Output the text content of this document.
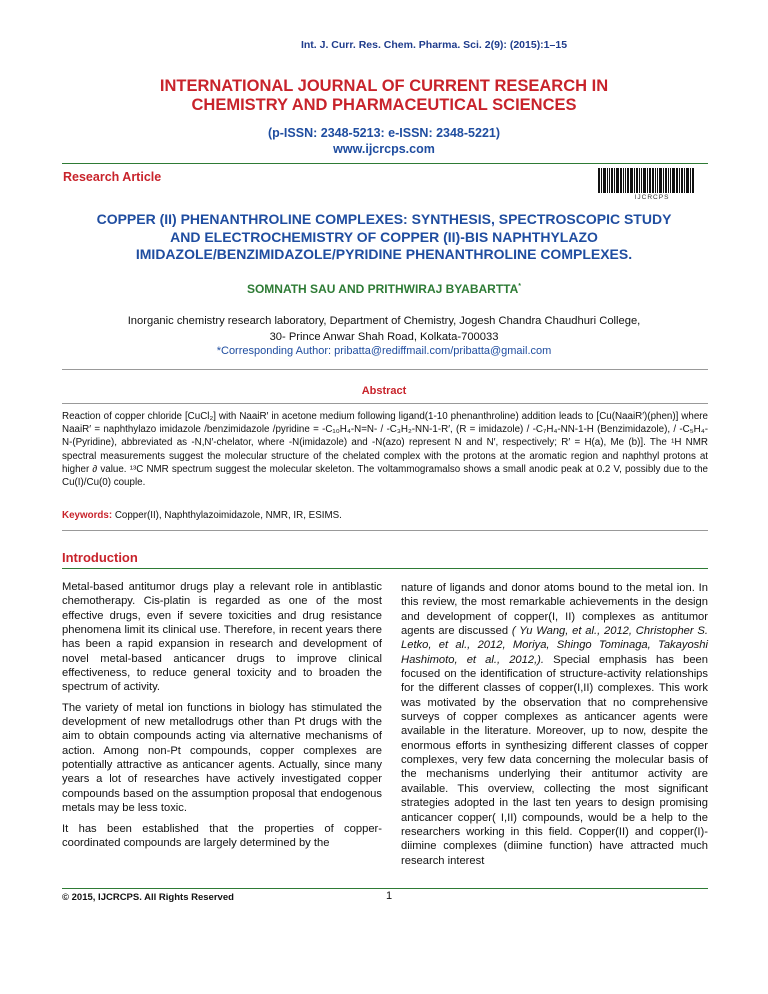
Int. J. Curr. Res. Chem. Pharma. Sci. 2(9): (2015):1–15
INTERNATIONAL JOURNAL OF CURRENT RESEARCH IN
CHEMISTRY AND PHARMACEUTICAL SCIENCES
(p-ISSN: 2348-5213: e-ISSN: 2348-5221)
www.ijcrcps.com
Research Article
IJCRCPS
COPPER (II) PHENANTHROLINE COMPLEXES: SYNTHESIS, SPECTROSCOPIC STUDY
AND ELECTROCHEMISTRY OF COPPER (II)-BIS NAPHTHYLAZO
IMIDAZOLE/BENZIMIDAZOLE/PYRIDINE PHENANTHROLINE COMPLEXES.
SOMNATH SAU AND PRITHWIRAJ BYABARTTA*
Inorganic chemistry research laboratory, Department of Chemistry, Jogesh Chandra Chaudhuri College,
30- Prince Anwar Shah Road, Kolkata-700033
*Corresponding Author: pribatta@rediffmail.com/pribatta@gmail.com
Abstract
Reaction of copper chloride [CuCl₂] with NaaiR′ in acetone medium following ligand(1-10 phenanthroline) addition leads to [Cu(NaaiR′)(phen)] where NaaiR′ = naphthylazo imidazole /benzimidazole /pyridine = -C₁₀H₄-N=N- / -C₃H₂-NN-1-R′, (R = imidazole) / -C₇H₄-NN-1-H (Benzimidazole), / -C₅H₄-N-(Pyridine), abbreviated as -N,N′-chelator, where -N(imidazole) and -N(azo) represent N and N′, respectively; R′ = H(a), Me (b)]. The ¹H NMR spectral measurements suggest the molecular structure of the chelated complex with the protons at the aromatic region and naphthyl protons at higher ∂ value. ¹³C NMR spectrum suggest the molecular skeleton. The voltammogramalso shows a small anodic peak at 0.2 V, possibly due to the Cu(I)/Cu(0) couple.
Keywords: Copper(II), Naphthylazoimidazole, NMR, IR, ESIMS.
Introduction

Metal-based antitumor drugs play a relevant role in antiblastic chemotherapy. Cis-platin is regarded as one of the most effective drugs, even if severe toxicities and drug resistance phenomena limit its clinical use. Therefore, in recent years there has been a rapid expansion in research and development of novel metal-based anticancer drugs to improve clinical effectiveness, to reduce general toxicity and to broaden the spectrum of activity.

The variety of metal ion functions in biology has stimulated the development of new metallodrugs other than Pt drugs with the aim to obtain compounds acting via alternative mechanisms of action. Among non-Pt compounds, copper complexes are potentially attractive as anticancer agents. Actually, since many years a lot of researches have actively investigated copper compounds based on the assumption proposal that endogenous metals may be less toxic.

It has been established that the properties of copper-coordinated compounds are largely determined by the

nature of ligands and donor atoms bound to the metal ion. In this review, the most remarkable achievements in the design and development of copper(I, II) complexes as antitumor agents are discussed ( Yu Wang, et al., 2012, Christopher S. Letko, et al., 2012, Moriya, Shingo Tominaga, Takayoshi Hashimoto, et al., 2012,). Special emphasis has been focused on the identification of structure-activity relationships for the different classes of copper(I,II) complexes. This work was motivated by the observation that no comprehensive surveys of copper complexes as anticancer agents were available in the literature. Moreover, up to now, despite the enormous efforts in synthesizing different classes of copper complexes, very few data concerning the molecular basis of the mechanisms underlying their antitumor activity are available. This overview, collecting the most significant strategies adopted in the last ten years to design promising anticancer copper( I,II) compounds, would be a help to the researchers working in this field. Copper(II) and copper(I)-diimine complexes (diimine function) have attracted much research interest

© 2015, IJCRCPS. All Rights Reserved	1
